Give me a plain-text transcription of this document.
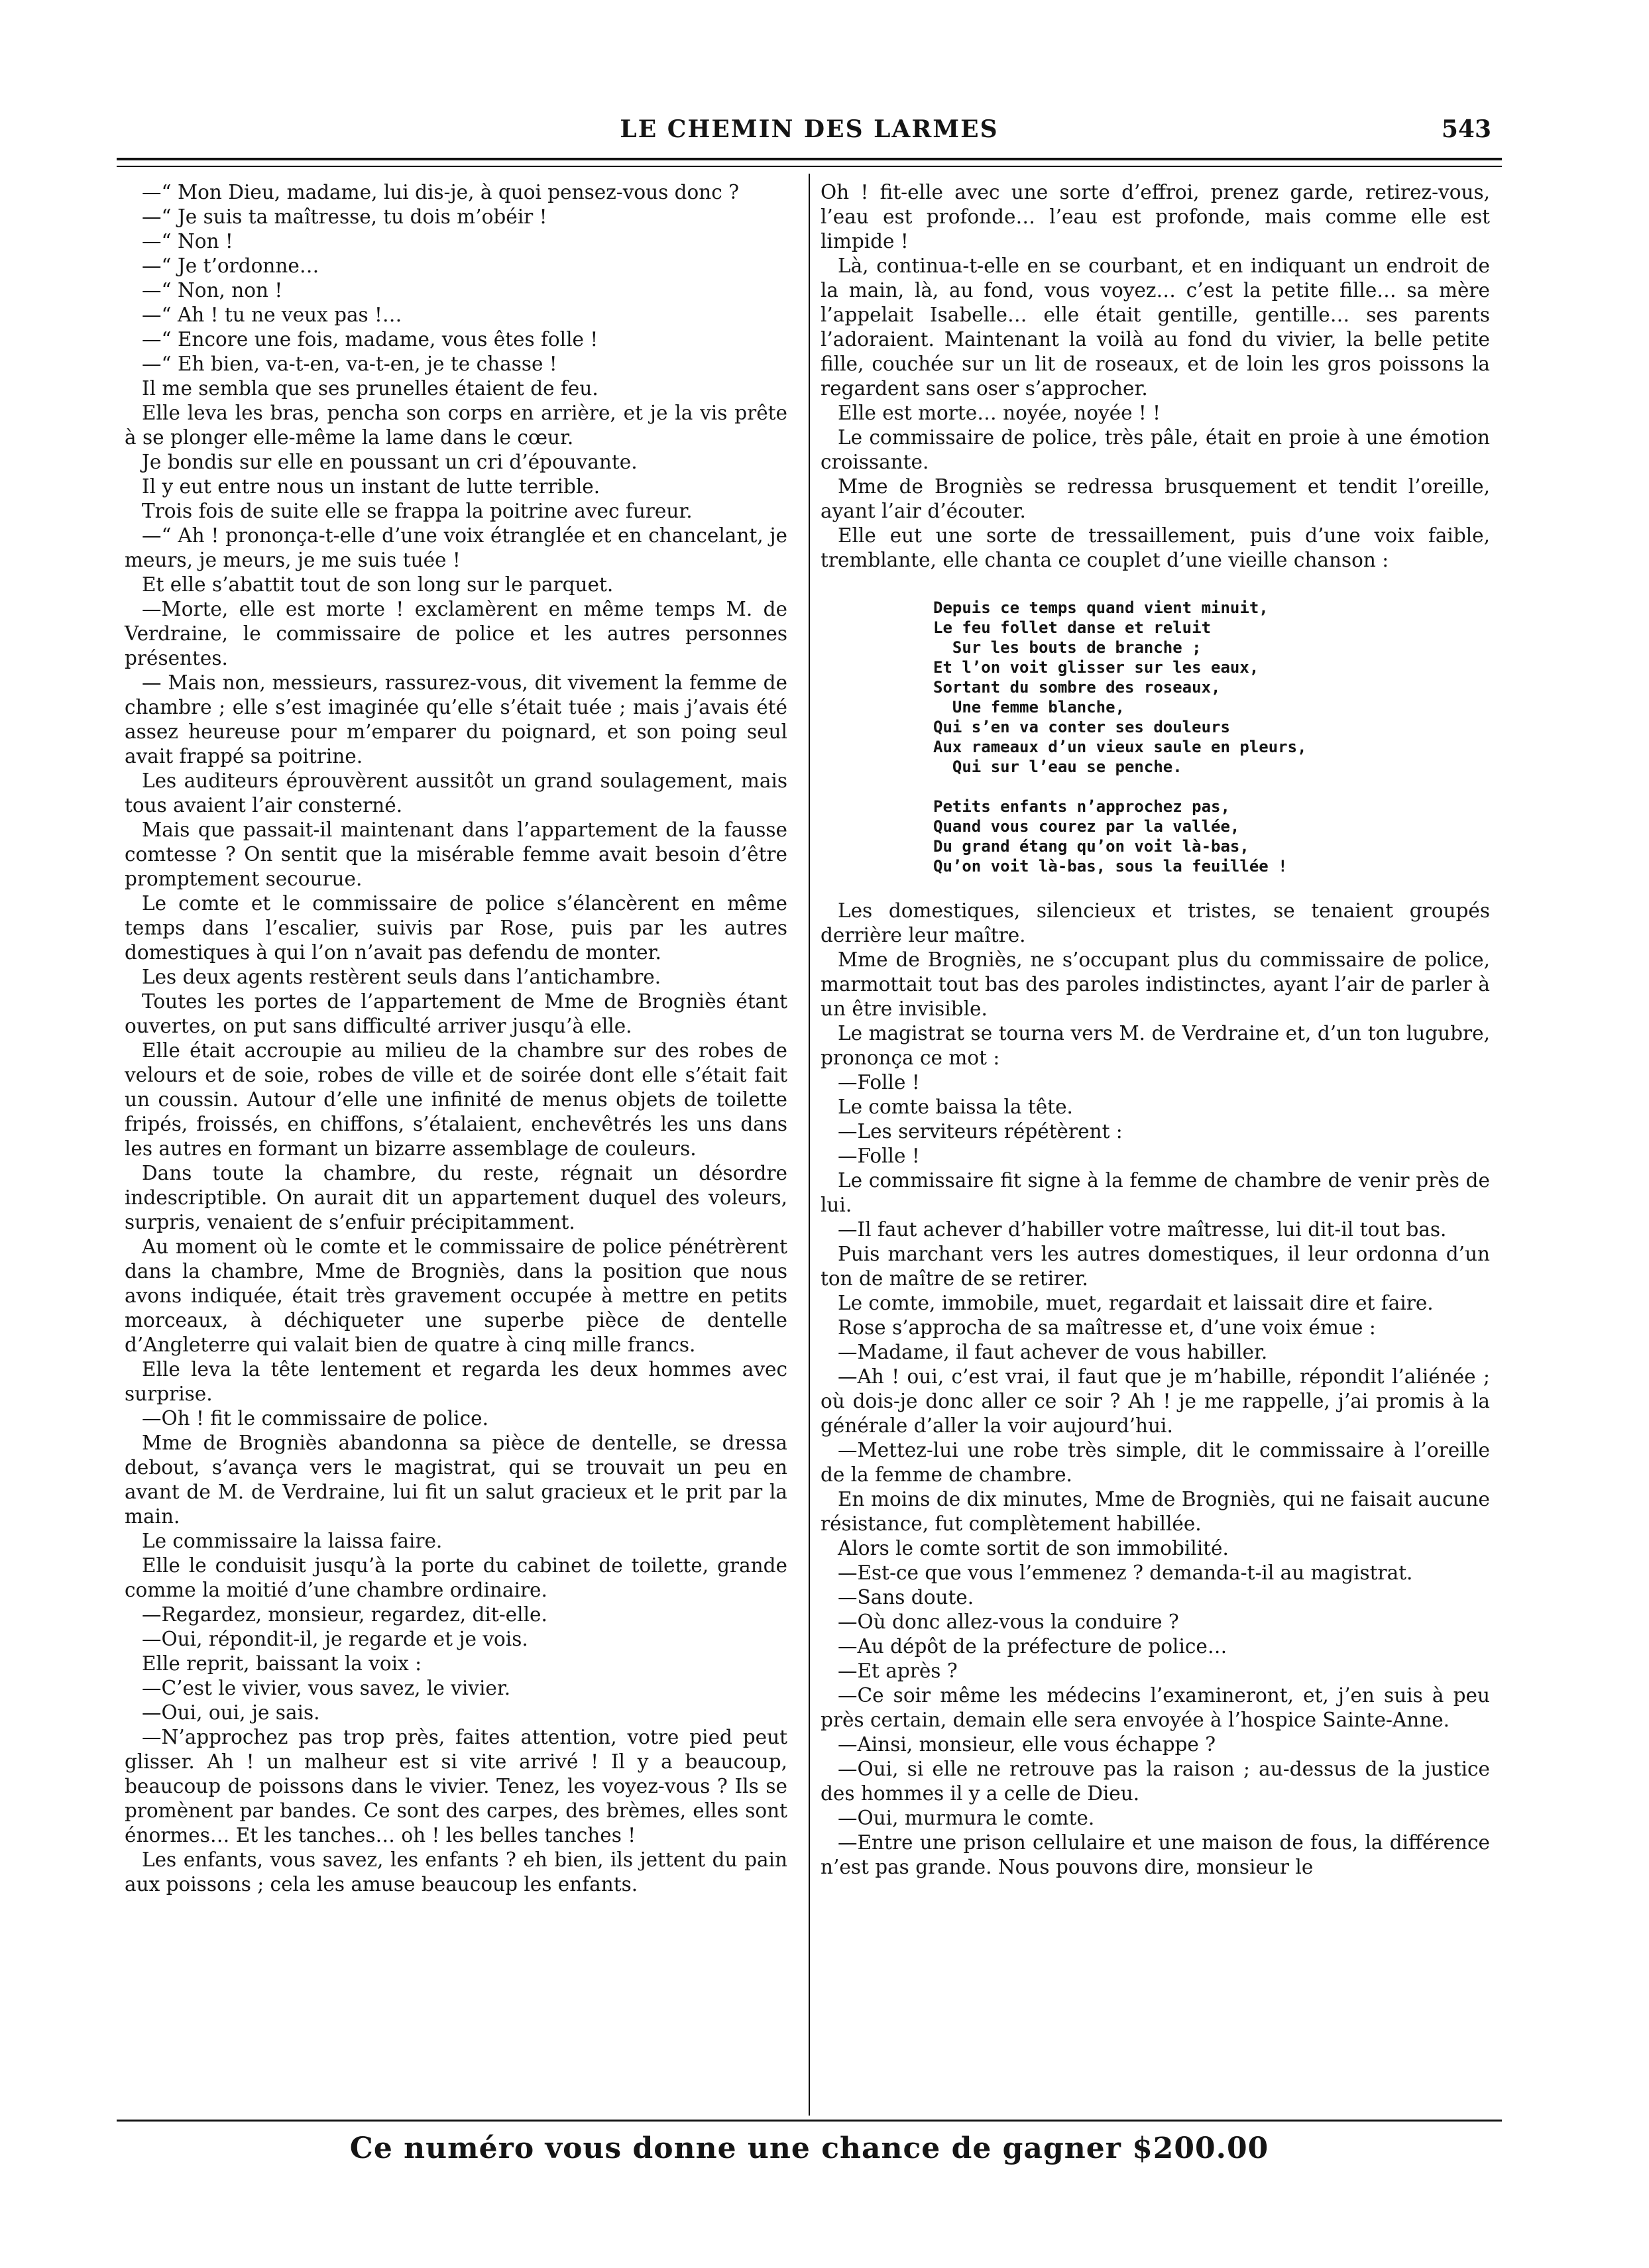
LE CHEMIN DES LARMES	543

—“ Mon Dieu, madame, lui dis-je, à quoi pensez-vous donc ?

—“ Je suis ta maîtresse, tu dois m’obéir !

—“ Non !

—“ Je t’ordonne…

—“ Non, non !

—“ Ah ! tu ne veux pas !…

—“ Encore une fois, madame, vous êtes folle !

—“ Eh bien, va-t-en, va-t-en, je te chasse !

Il me sembla que ses prunelles étaient de feu.

Elle leva les bras, pencha son corps en arrière, et je la vis prête à se plonger elle-même la lame dans le cœur.

Je bondis sur elle en poussant un cri d’épouvante.

Il y eut entre nous un instant de lutte terrible.

Trois fois de suite elle se frappa la poitrine avec fureur.

—“ Ah ! prononça-t-elle d’une voix étranglée et en chancelant, je meurs, je meurs, je me suis tuée !

Et elle s’abattit tout de son long sur le parquet.

—Morte, elle est morte ! exclamèrent en même temps M. de Verdraine, le commissaire de police et les autres personnes présentes.

— Mais non, messieurs, rassurez-vous, dit vivement la femme de chambre ; elle s’est imaginée qu’elle s’était tuée ; mais j’avais été assez heureuse pour m’emparer du poignard, et son poing seul avait frappé sa poitrine.

Les auditeurs éprouvèrent aussitôt un grand soulagement, mais tous avaient l’air consterné.

Mais que passait-il maintenant dans l’appartement de la fausse comtesse ? On sentit que la misérable femme avait besoin d’être promptement secourue.

Le comte et le commissaire de police s’élancèrent en même temps dans l’escalier, suivis par Rose, puis par les autres domestiques à qui l’on n’avait pas defendu de monter.

Les deux agents restèrent seuls dans l’antichambre.

Toutes les portes de l’appartement de Mme de Brogniès étant ouvertes, on put sans difficulté arriver jusqu’à elle.

Elle était accroupie au milieu de la chambre sur des robes de velours et de soie, robes de ville et de soirée dont elle s’était fait un coussin. Autour d’elle une infinité de menus objets de toilette fripés, froissés, en chiffons, s’étalaient, enchevêtrés les uns dans les autres en formant un bizarre assemblage de couleurs.

Dans toute la chambre, du reste, régnait un désordre indescriptible. On aurait dit un appartement duquel des voleurs, surpris, venaient de s’enfuir précipitamment.

Au moment où le comte et le commissaire de police pénétrèrent dans la chambre, Mme de Brogniès, dans la position que nous avons indiquée, était très gravement occupée à mettre en petits morceaux, à déchiqueter une superbe pièce de dentelle d’Angleterre qui valait bien de quatre à cinq mille francs.

Elle leva la tête lentement et regarda les deux hommes avec surprise.

—Oh ! fit le commissaire de police.

Mme de Brogniès abandonna sa pièce de dentelle, se dressa debout, s’avança vers le magistrat, qui se trouvait un peu en avant de M. de Verdraine, lui fit un salut gracieux et le prit par la main.

Le commissaire la laissa faire.

Elle le conduisit jusqu’à la porte du cabinet de toilette, grande comme la moitié d’une chambre ordinaire.

—Regardez, monsieur, regardez, dit-elle.

—Oui, répondit-il, je regarde et je vois.

Elle reprit, baissant la voix :

—C’est le vivier, vous savez, le vivier.

—Oui, oui, je sais.

—N’approchez pas trop près, faites attention, votre pied peut glisser. Ah ! un malheur est si vite arrivé ! Il y a beaucoup, beaucoup de poissons dans le vivier. Tenez, les voyez-vous ? Ils se promènent par bandes. Ce sont des carpes, des brèmes, elles sont énormes… Et les tanches… oh ! les belles tanches !

Les enfants, vous savez, les enfants ? eh bien, ils jettent du pain aux poissons ; cela les amuse beaucoup les enfants.

Oh ! fit-elle avec une sorte d’effroi, prenez garde, retirez-vous, l’eau est profonde… l’eau est profonde, mais comme elle est limpide !

Là, continua-t-elle en se courbant, et en indiquant un endroit de la main, là, au fond, vous voyez… c’est la petite fille… sa mère l’appelait Isabelle… elle était gentille, gentille… ses parents l’adoraient. Maintenant la voilà au fond du vivier, la belle petite fille, couchée sur un lit de roseaux, et de loin les gros poissons la regardent sans oser s’approcher.

Elle est morte… noyée, noyée ! !

Le commissaire de police, très pâle, était en proie à une émotion croissante.

Mme de Brogniès se redressa brusquement et tendit l’oreille, ayant l’air d’écouter.

Elle eut une sorte de tressaillement, puis d’une voix faible, tremblante, elle chanta ce couplet d’une vieille chanson :

Depuis ce temps quand vient minuit,
Le feu follet danse et reluit
Sur les bouts de branche ;
Et l’on voit glisser sur les eaux,
Sortant du sombre des roseaux,
Une femme blanche,
Qui s’en va conter ses douleurs
Aux rameaux d’un vieux saule en pleurs,
Qui sur l’eau se penche.
Petits enfants n’approchez pas,
Quand vous courez par la vallée,
Du grand étang qu’on voit là-bas,
Qu’on voit là-bas, sous la feuillée !

Les domestiques, silencieux et tristes, se tenaient groupés derrière leur maître.

Mme de Brogniès, ne s’occupant plus du commissaire de police, marmottait tout bas des paroles indistinctes, ayant l’air de parler à un être invisible.

Le magistrat se tourna vers M. de Verdraine et, d’un ton lugubre, prononça ce mot :

—Folle !

Le comte baissa la tête.

—Les serviteurs répétèrent :

—Folle !

Le commissaire fit signe à la femme de chambre de venir près de lui.

—Il faut achever d’habiller votre maîtresse, lui dit-il tout bas.

Puis marchant vers les autres domestiques, il leur ordonna d’un ton de maître de se retirer.

Le comte, immobile, muet, regardait et laissait dire et faire.

Rose s’approcha de sa maîtresse et, d’une voix émue :

—Madame, il faut achever de vous habiller.

—Ah ! oui, c’est vrai, il faut que je m’habille, répondit l’aliénée ; où dois-je donc aller ce soir ? Ah ! je me rappelle, j’ai promis à la générale d’aller la voir aujourd’hui.

—Mettez-lui une robe très simple, dit le commissaire à l’oreille de la femme de chambre.

En moins de dix minutes, Mme de Brogniès, qui ne faisait aucune résistance, fut complètement habillée.

Alors le comte sortit de son immobilité.

—Est-ce que vous l’emmenez ? demanda-t-il au magistrat.

—Sans doute.

—Où donc allez-vous la conduire ?

—Au dépôt de la préfecture de police…

—Et après ?

—Ce soir même les médecins l’examineront, et, j’en suis à peu près certain, demain elle sera envoyée à l’hospice Sainte-Anne.

—Ainsi, monsieur, elle vous échappe ?

—Oui, si elle ne retrouve pas la raison ; au-dessus de la justice des hommes il y a celle de Dieu.

—Oui, murmura le comte.

—Entre une prison cellulaire et une maison de fous, la différence n’est pas grande. Nous pouvons dire, monsieur le

Ce numéro vous donne une chance de gagner $200.00
